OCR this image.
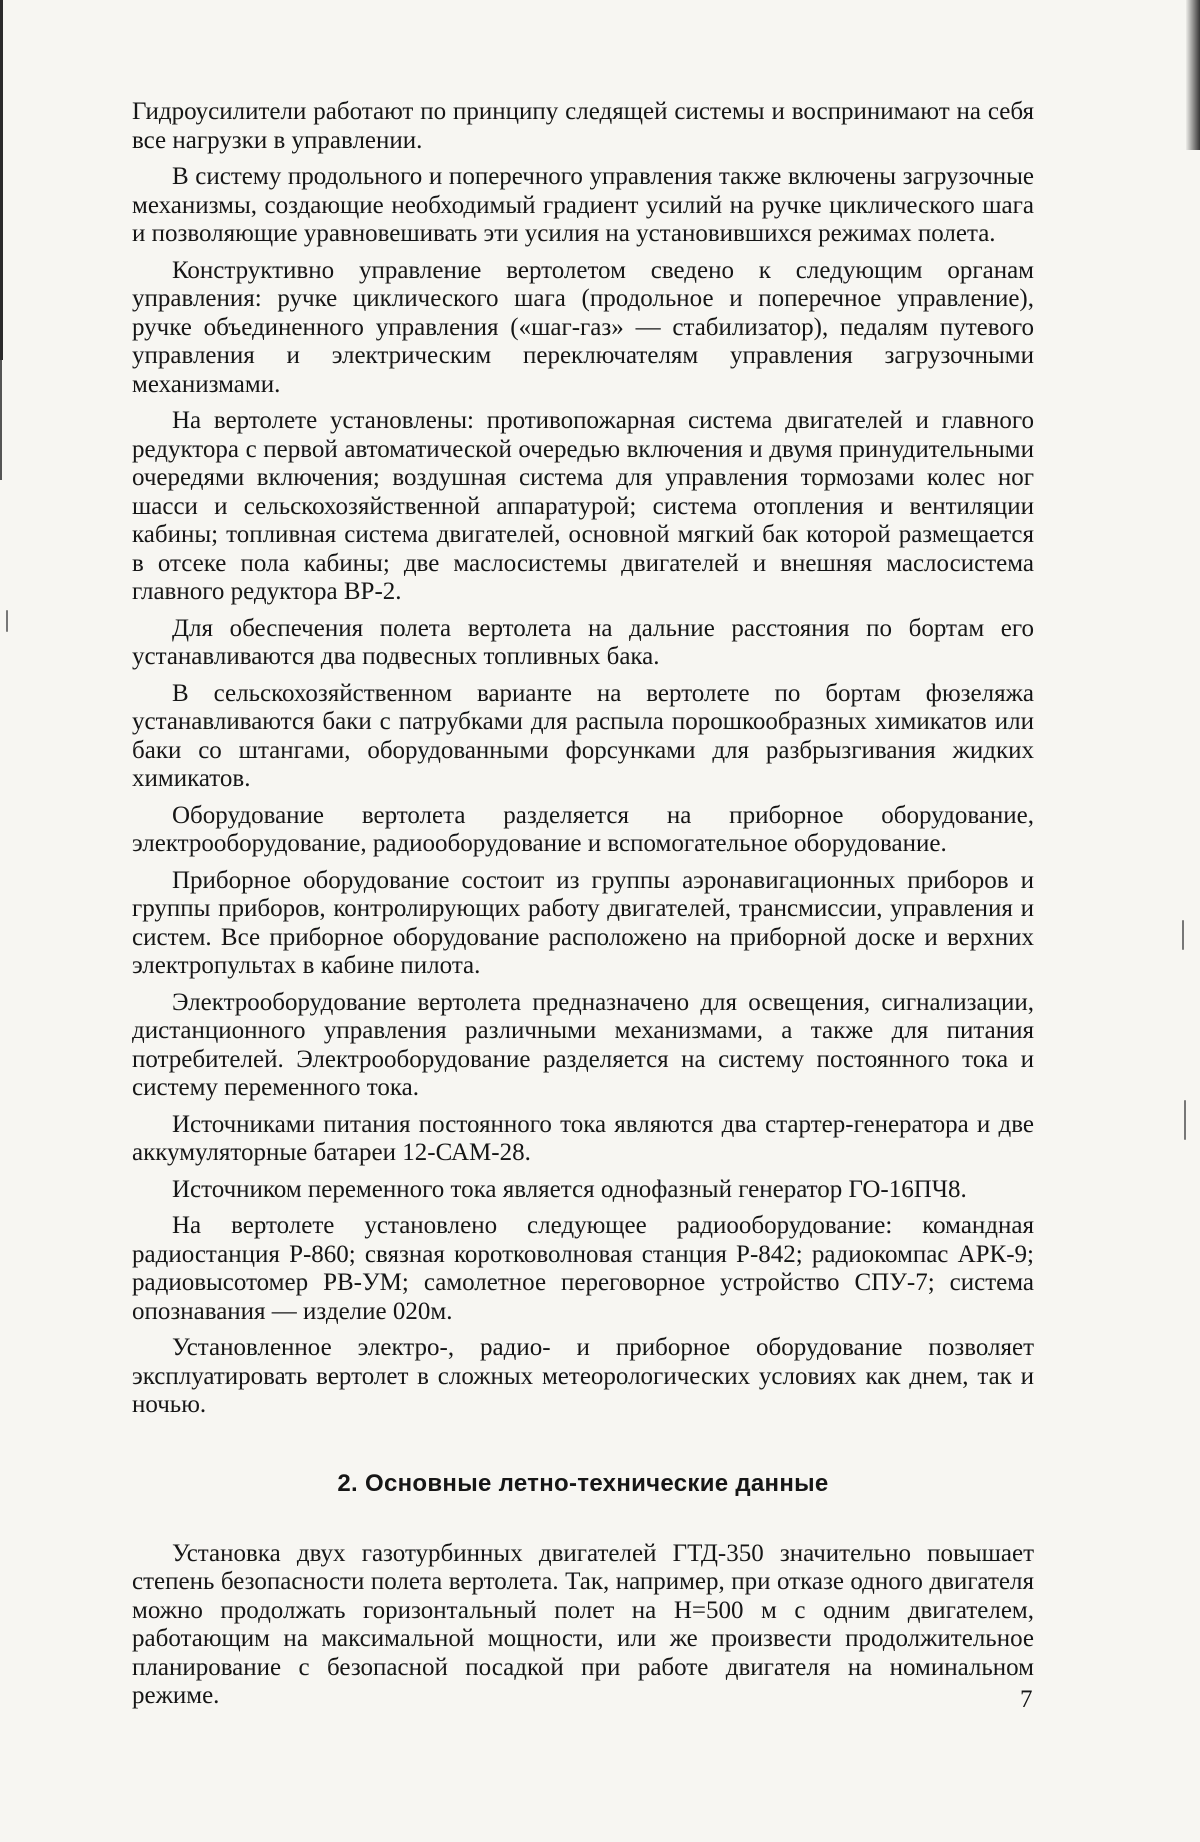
Гидроусилители работают по принципу следящей системы и воспринимают на себя все нагрузки в управлении.

В систему продольного и поперечного управления также включены загрузочные механизмы, создающие необходимый градиент усилий на ручке циклического шага и позволяющие уравновешивать эти усилия на установившихся режимах полета.

Конструктивно управление вертолетом сведено к следующим органам управления: ручке циклического шага (продольное и поперечное управление), ручке объединенного управления («шаг-газ» — стабилизатор), педалям путевого управления и электрическим переключателям управления загрузочными механизмами.

На вертолете установлены: противопожарная система двигателей и главного редуктора с первой автоматической очередью включения и двумя принудительными очередями включения; воздушная система для управления тормозами колес ног шасси и сельскохозяйственной аппаратурой; система отопления и вентиляции кабины; топливная система двигателей, основной мягкий бак которой размещается в отсеке пола кабины; две маслосистемы двигателей и внешняя маслосистема главного редуктора ВР-2.

Для обеспечения полета вертолета на дальние расстояния по бортам его устанавливаются два подвесных топливных бака.

В сельскохозяйственном варианте на вертолете по бортам фюзеляжа устанавливаются баки с патрубками для распыла порошкообразных химикатов или баки со штангами, оборудованными форсунками для разбрызгивания жидких химикатов.

Оборудование вертолета разделяется на приборное оборудование, электрооборудование, радиооборудование и вспомогательное оборудование.

Приборное оборудование состоит из группы аэронавигационных приборов и группы приборов, контролирующих работу двигателей, трансмиссии, управления и систем. Все приборное оборудование расположено на приборной доске и верхних электропультах в кабине пилота.

Электрооборудование вертолета предназначено для освещения, сигнализации, дистанционного управления различными механизмами, а также для питания потребителей. Электрооборудование разделяется на систему постоянного тока и систему переменного тока.

Источниками питания постоянного тока являются два стартер-генератора и две аккумуляторные батареи 12-САМ-28.

Источником переменного тока является однофазный генератор ГО-16ПЧ8.

На вертолете установлено следующее радиооборудование: командная радиостанция Р-860; связная коротковолновая станция Р-842; радиокомпас АРК-9; радиовысотомер РВ-УМ; самолетное переговорное устройство СПУ-7; система опознавания — изделие 020м.

Установленное электро-, радио- и приборное оборудование позволяет эксплуатировать вертолет в сложных метеорологических условиях как днем, так и ночью.

2. Основные летно-технические данные

Установка двух газотурбинных двигателей ГТД-350 значительно повышает степень безопасности полета вертолета. Так, например, при отказе одного двигателя можно продолжать горизонтальный полет на H=500 м с одним двигателем, работающим на максимальной мощности, или же произвести продолжительное планирование с безопасной посадкой при работе двигателя на номинальном режиме.	7
